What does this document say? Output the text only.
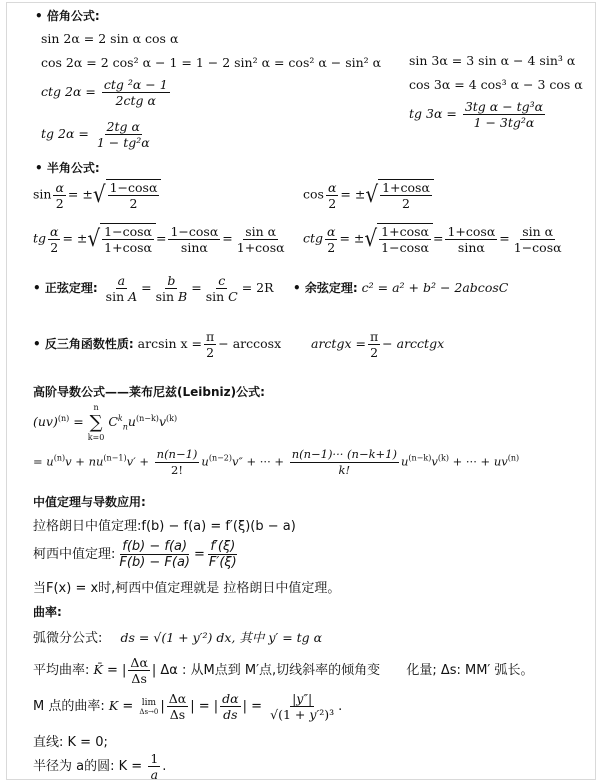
• 倍角公式:
sin 2α = 2 sin α cos α
cos 2α = 2 cos² α − 1 = 1 − 2 sin² α = cos² α − sin² α sin 3α = 3 sin α − 4 sin³ α
cos 3α = 4 cos³ α − 3 cos α
ctg $2\alpha = \frac{\text{ctg ²α − 1}}{\text{2ctg α}}$
tg $3\alpha = \frac{\text{3tg α − tg³α}}{\text{1 − 3tg²α}}$
tg $2\alpha = \frac{\text{2tg α}}{\text{1 − tg²α}}$
• 半角公式:
$\sin \frac{\alpha}{2}$ = ± √ $\frac{1-\cos\alpha}{2}$	$\cos \frac{\alpha}{2}$ = ± √ $\frac{1+\cos\alpha}{2}$
tg $\frac{\alpha}{2}$ = ± √ $\frac{1-\cos\alpha}{1+\cos\alpha} = \frac{1-\cos\alpha}{\sin\alpha} = \frac{\text{sin α}}{1+\cos\alpha}$ ctg $\frac{\alpha}{2}$ = ± √ $\frac{1+\cos\alpha}{1-\cos\alpha} = \frac{1+\cos\alpha}{\sin\alpha} = \frac{\text{sin α}}{1-\cos\alpha}$
• 正弦定理: $\frac{a}{\text{sin A}} = \frac{b}{\text{sin B}} = \frac{c}{\text{sin C}} = 2R$ • 余弦定理: c² = a² + b² − 2abcosC
• 反三角函数性质: $\arcsin x = \frac{\pi}{2} - \arccos x$ arctgx = $\frac{\pi}{2}$ − arcctgx
高阶导数公式——莱布尼兹(Leibniz)公式:
(uv)$^{(n)}$ =
n
∑
k=0
$C^k_nu^{(n-k)}v^{(k)}$
= $u^{(n)}v + nu^{(n-1)}v' + \frac{n(n-1)}{2!} u^{(n-2)}v''$ + ··· + $\frac{n(n-1)\cdot\cdot\cdot (n-k+1)}{k!} u^{(n-k)}v^{(k)}$ + ··· + $uv^{(n)}$
中值定理与导数应用:
拉格朗日中值定理:f(b) − f(a) = f′(ξ)(b − a)
柯西中值定理: $\frac{f(b) - f(a)}{F(b) - F(a)} = \frac{f'(\xi)}{F'(\xi)}$
当F(x) = x时,柯西中值定理就是 拉格朗日中值定理。
曲率:
弧微分公式: ds = √(1 + y′²) dx, 其中 y′ = tg α
平均曲率: K̄ = | $\frac{\Delta\alpha}{\Delta s}$ | Δα : 从M点到 M′点,切线斜率的倾角变 化量; Δs: MM′ 弧长。
M 点的曲率: K = lim
Δs→0 | $\frac{\Delta\alpha}{\Delta s}$ | = | $\frac{d\alpha}{ds}$ | = $\frac{|y''|}{\text{√(1 + y′²)³}}$ .
直线: K = 0;
半径为 a的圆: $K = \frac{1}{a}$ .
